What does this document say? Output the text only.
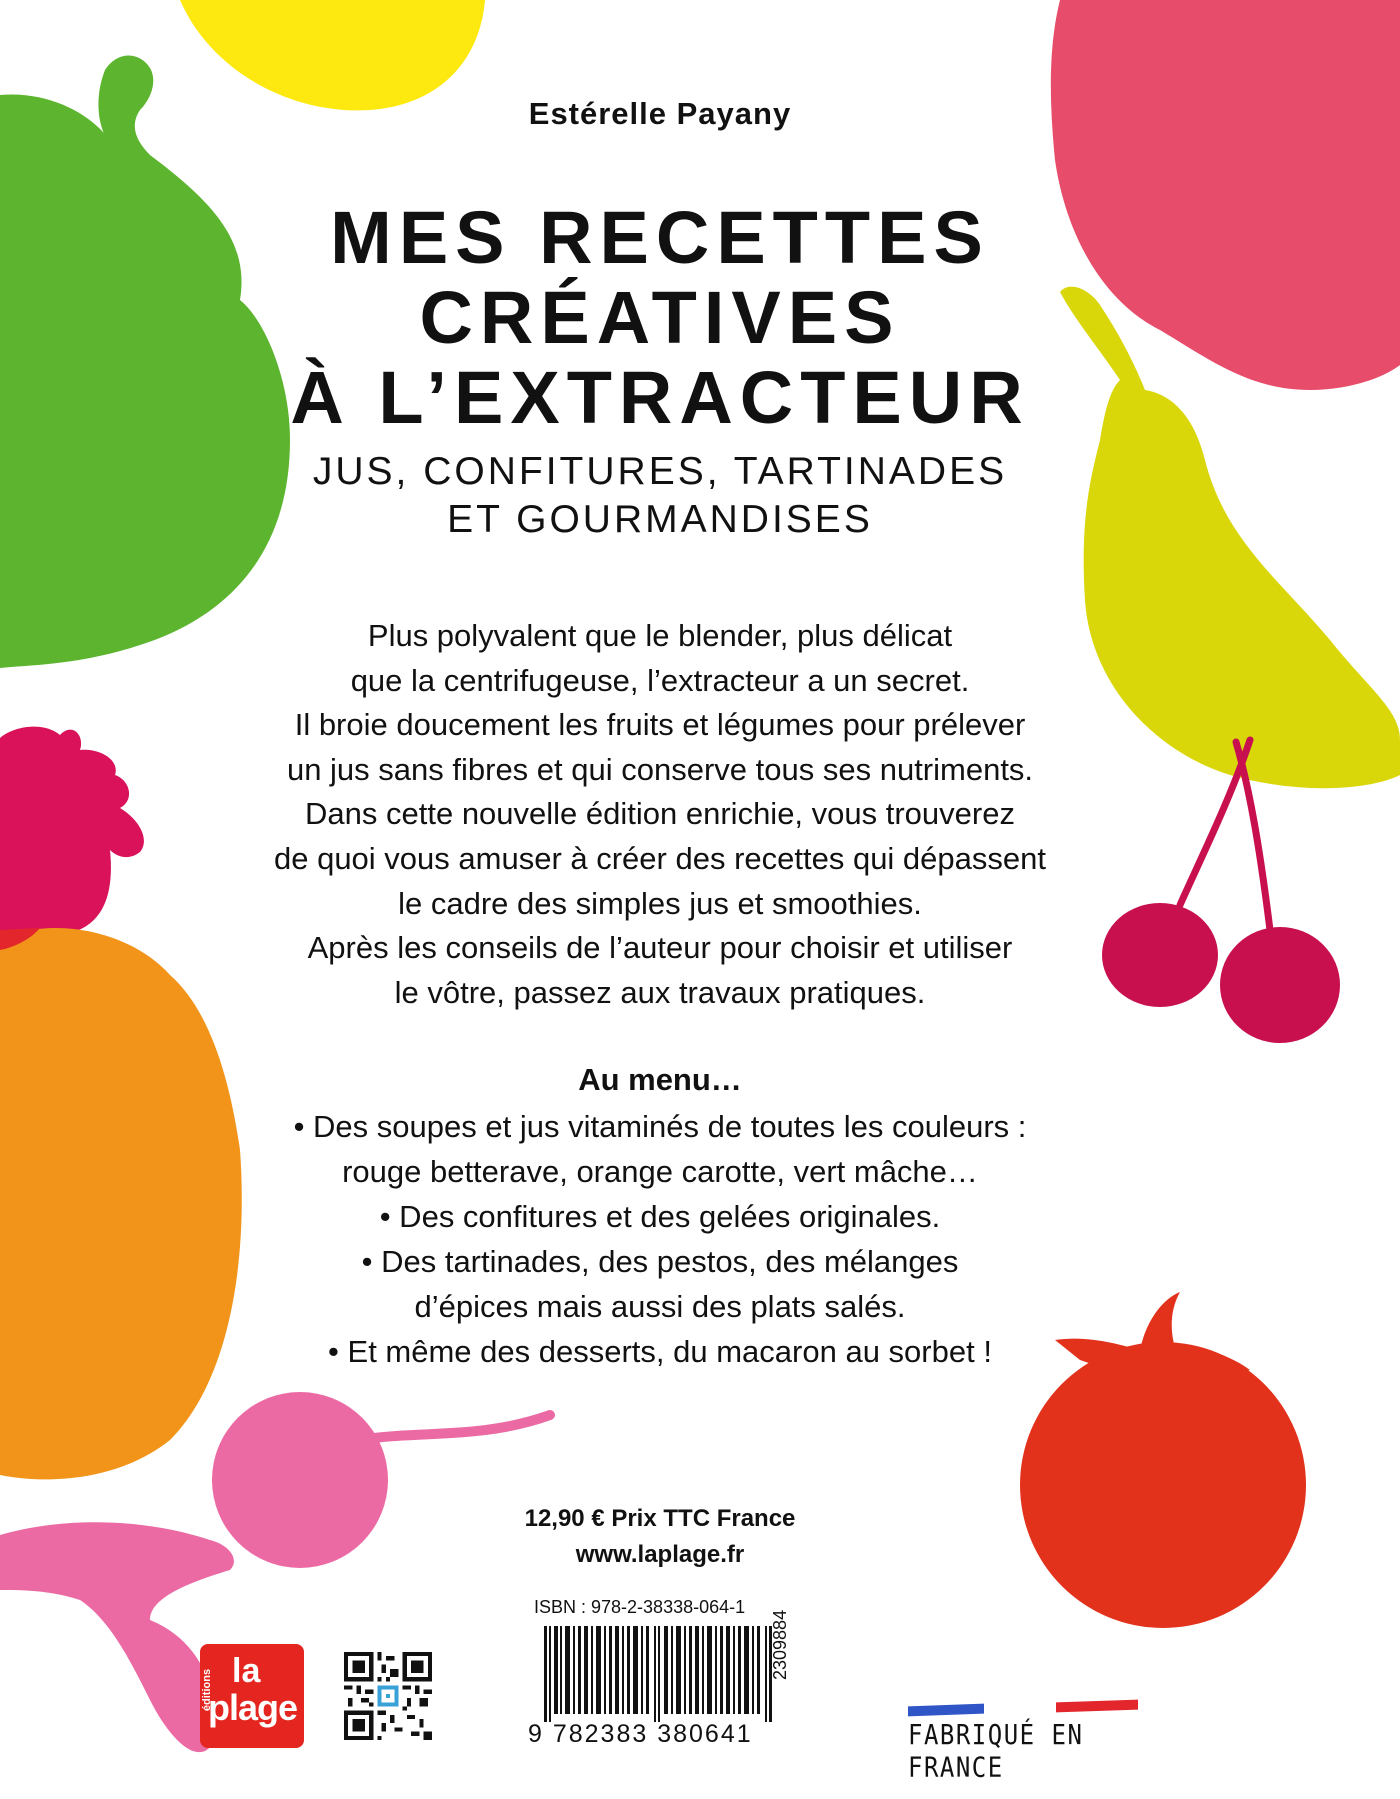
Estérelle Payany
MES RECETTES
CRÉATIVES
À L’EXTRACTEUR
JUS, CONFITURES, TARTINADES
ET GOURMANDISES
Plus polyvalent que le blender, plus délicat
que la centrifugeuse, l’extracteur a un secret.
Il broie doucement les fruits et légumes pour prélever
un jus sans fibres et qui conserve tous ses nutriments.
Dans cette nouvelle édition enrichie, vous trouverez
de quoi vous amuser à créer des recettes qui dépassent
le cadre des simples jus et smoothies.
Après les conseils de l’auteur pour choisir et utiliser
le vôtre, passez aux travaux pratiques.
Au menu…
• Des soupes et jus vitaminés de toutes les couleurs :
rouge betterave, orange carotte, vert mâche…
• Des confitures et des gelées originales.
• Des tartinades, des pestos, des mélanges
d’épices mais aussi des plats salés.
• Et même des desserts, du macaron au sorbet !
12,90 € Prix TTC France
www.laplage.fr
ISBN : 978-2-38338-064-1
9 782383 380641
2309884
éditions la
plage
FABRIQUÉ EN FRANCE
